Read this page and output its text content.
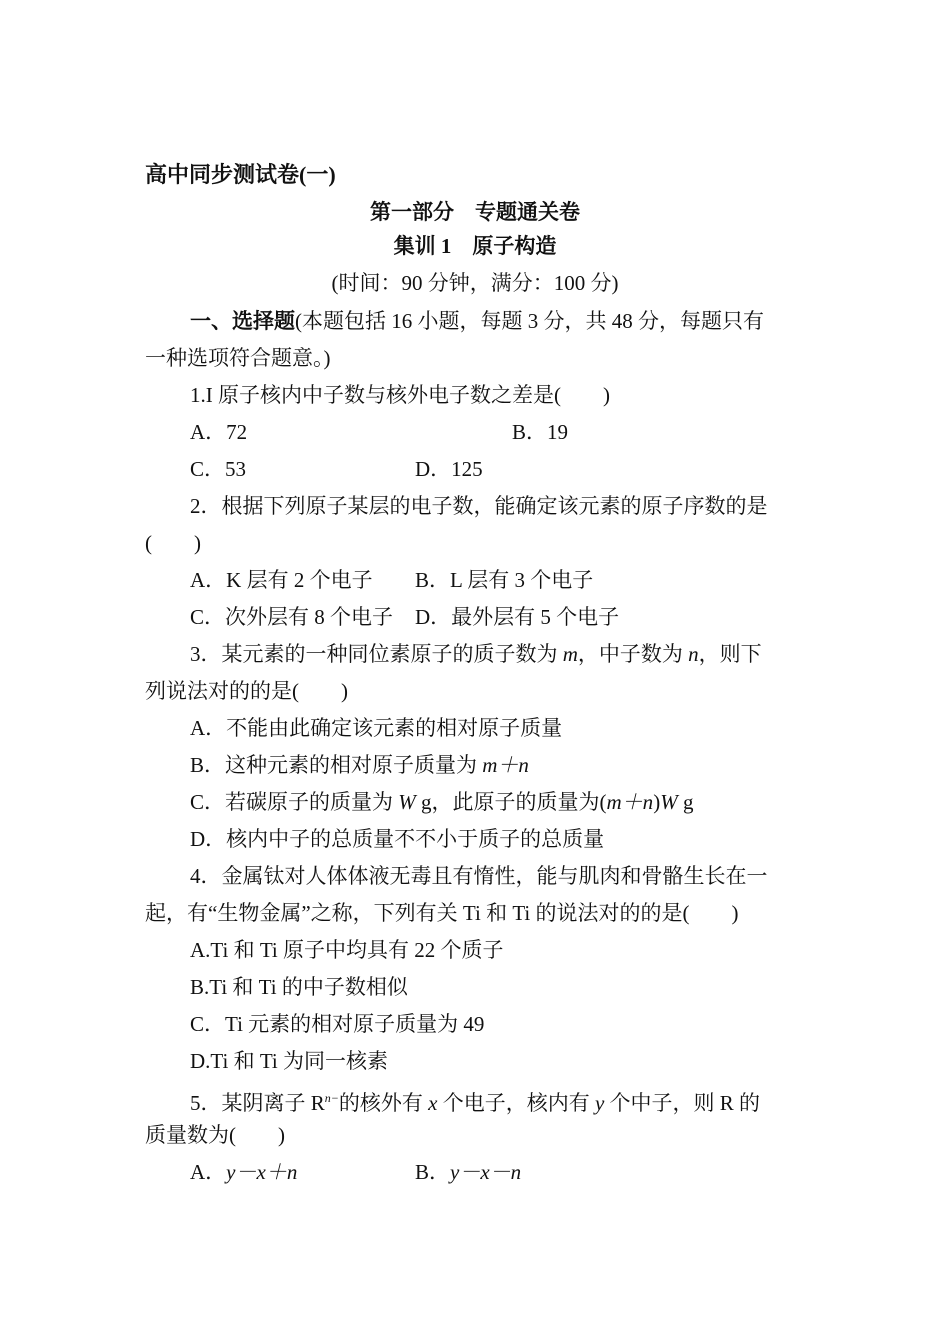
高中同步测试卷(一)
第一部分　专题通关卷
集训 1　原子构造
(时间：90 分钟，满分：100 分)
一、选择题(本题包括 16 小题，每题 3 分，共 48 分，每题只有
一种选项符合题意。)
1.I 原子核内中子数与核外电子数之差是(　　)
A．72	B．19
C．53	D．125
2．根据下列原子某层的电子数，能确定该元素的原子序数的是
(　　)
A．K 层有 2 个电子 B．L 层有 3 个电子
C．次外层有 8 个电子 D．最外层有 5 个电子
3．某元素的一种同位素原子的质子数为 m，中子数为 n，则下
列说法对的的是(　　)
A．不能由此确定该元素的相对原子质量
B．这种元素的相对原子质量为 m＋n
C．若碳原子的质量为 W g，此原子的质量为(m＋n)W g
D．核内中子的总质量不不小于质子的总质量
4．金属钛对人体体液无毒且有惰性，能与肌肉和骨骼生长在一
起，有“生物金属”之称，下列有关 Ti 和 Ti 的说法对的的是(　　)
A.Ti 和 Ti 原子中均具有 22 个质子
B.Ti 和 Ti 的中子数相似
C．Ti 元素的相对原子质量为 49
D.Ti 和 Ti 为同一核素
5．某阴离子 $R^{n-}$的核外有 x 个电子，核内有 y 个中子，则 R 的
质量数为(　　)
A．y－x＋n	B．y－x－n
